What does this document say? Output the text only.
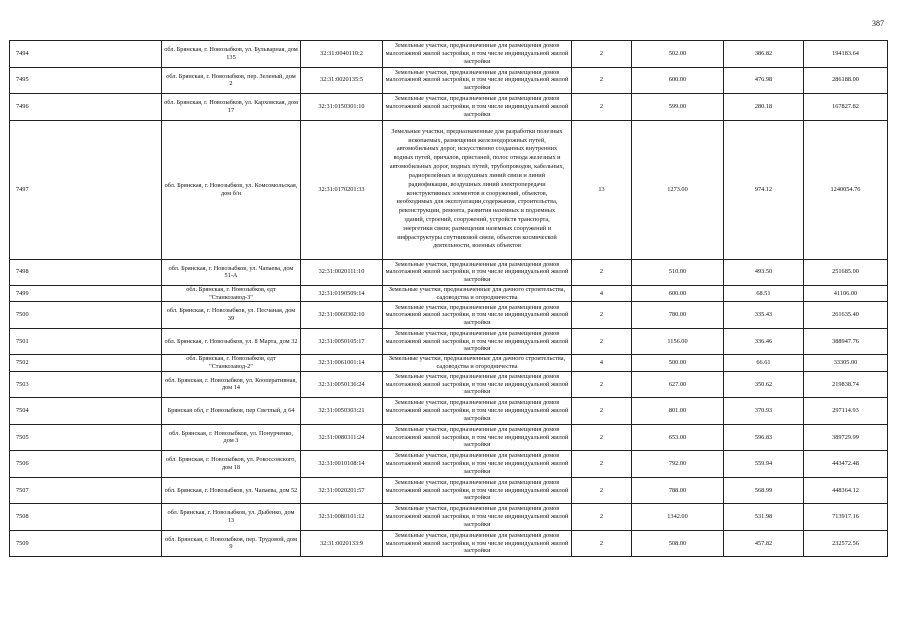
387
7494	обл. Брянская, г. Новозыбков, ул. Бульварная, дом 135	32:31:0040110:2	Земельные участки, предназначенные для размещения домов малоэтажной жилой застройки, в том числе индивидуальной жилой застройки	2	502.00	386.82	194183.64
7495	обл. Брянская, г. Новозыбков, пер. Зеленый, дом 2	32:31:0020135:5	Земельные участки, предназначенные для размещения домов малоэтажной жилой застройки, в том числе индивидуальной жилой застройки	2	600.00	476.98	286188.00
7496	обл. Брянская, г. Новозыбков, ул. Карховская, дом 17	32:31:0150301:10	Земельные участки, предназначенные для размещения домов малоэтажной жилой застройки, в том числе индивидуальной жилой застройки	2	599.00	280.18	167827.82
7497	обл. Брянская, г. Новозыбков, ул. Комсомольская, дом б/н	32:31:0170201:33	Земельные участки, предназначенные для разработки полезных ископаемых, размещения железнодорожных путей, автомобильных дорог, искусственно созданных внутренних водных путей, причалов, пристаней, полос отвода железных и автомобильных дорог, водных путей, трубопроводов, кабельных, радиорелейных и воздушных линий связи и линий радиофикации, воздушных линий электропередачи конструктивных элементов и сооружений, объектов, необходимых для эксплуатации,содержания, строительства, реконструкции, ремонта, развития наземных и подземных зданий, строений, сооружений, устройств транспорта, энергетики связи; размещения наземных сооружений и инфраструктуры спутниковой связи, объектов космической деятельности, военных объектов	13	1273.00	974.12	1240054.76
7498	обл. Брянская, г. Новозыбков, ул. Чапаева, дом 51-А	32:31:0020111:10	Земельные участки, предназначенные для размещения домов малоэтажной жилой застройки, в том числе индивидуальной жилой застройки	2	510.00	493.50	251685.00
7499	обл. Брянская, г. Новозыбков, едт "Станкозавод-3"	32:31:0190509:14	Земельные участки, предназначенные для дачного строительства, садоводства и огородничества	4	600.00	68.51	41106.00
7500	обл. Брянская, г. Новозыбков, ул. Песчаная, дом 39	32:31:0060302:10	Земельные участки, предназначенные для размещения домов малоэтажной жилой застройки, в том числе индивидуальной жилой застройки	2	780.00	335.43	261635.40
7501	обл. Брянская, г. Новозыбков, ул. 8 Марта, дом 32	32:31:0050105:17	Земельные участки, предназначенные для размещения домов малоэтажной жилой застройки, в том числе индивидуальной жилой застройки	2	1156.00	336.46	388947.76
7502	обл. Брянская, г. Новозыбков, едт "Станкозавод-2"	32:31:0061001:14	Земельные участки, предназначенные для дачного строительства, садоводства и огородничества	4	500.00	66.61	33305.00
7503	обл. Брянская, г. Новозыбков, ул. Кооперативная, дом 14	32:31:0050136:24	Земельные участки, предназначенные для размещения домов малоэтажной жилой застройки, в том числе индивидуальной жилой застройки	2	627.00	350.62	219838.74
7504	Брянская обл, г Новозыбков, пер Светлый, д 64	32:31:0050303:21	Земельные участки, предназначенные для размещения домов малоэтажной жилой застройки, в том числе индивидуальной жилой застройки	2	801.00	370.93	297114.93
7505	обл. Брянская, г. Новозыбков, ул. Понурченко, дом 3	32:31:0080311:24	Земельные участки, предназначенные для размещения домов малоэтажной жилой застройки, в том числе индивидуальной жилой застройки	2	653.00	596.83	389729.99
7506	обл. Брянская, г. Новозыбков, ул. Рокоссовского, дом 18	32:31:0010108:14	Земельные участки, предназначенные для размещения домов малоэтажной жилой застройки, в том числе индивидуальной жилой застройки	2	792.00	559.94	443472.48
7507	обл. Брянская, г. Новозыбков, ул. Чапаева, дом 52	32:31:0020201:57	Земельные участки, предназначенные для размещения домов малоэтажной жилой застройки, в том числе индивидуальной жилой застройки	2	788.00	568.99	448364.12
7508	обл. Брянская, г. Новозыбков, ул. Дыбенко, дом 13	32:31:0080101:12	Земельные участки, предназначенные для размещения домов малоэтажной жилой застройки, в том числе индивидуальной жилой застройки	2	1342.00	531.98	713917.16
7509	обл. Брянская, г. Новозыбков, пер. Трудовой, дом 9	32:31:0020133:9	Земельные участки, предназначенные для размещения домов малоэтажной жилой застройки, в том числе индивидуальной жилой застройки	2	508.00	457.82	232572.56
